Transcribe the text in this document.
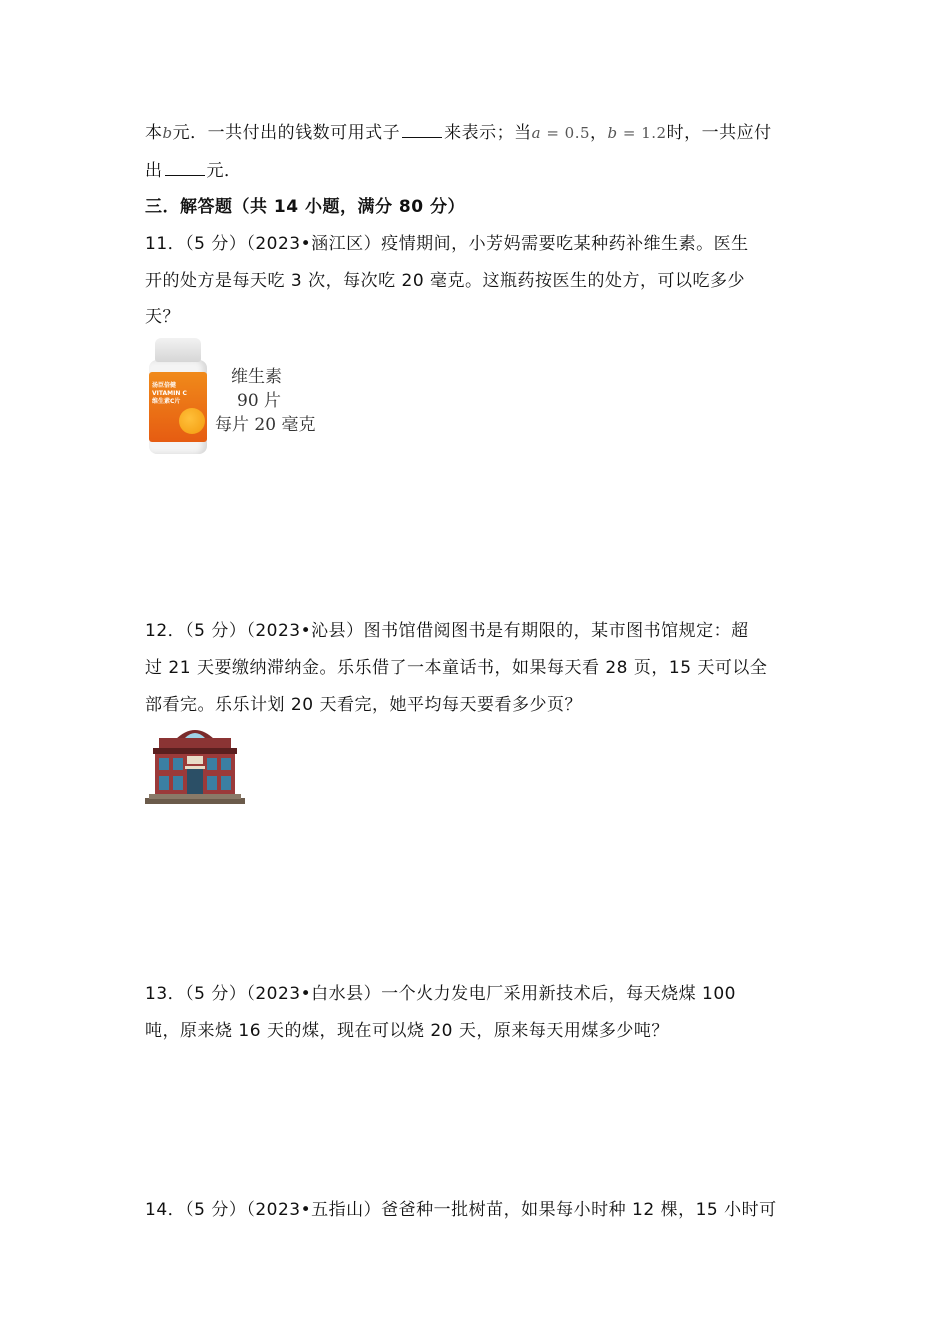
本b元．一共付出的钱数可用式子	来表示；当a = 0.5，b = 1.2时，一共应付
出	元．
三．解答题（共 14 小题，满分 80 分）
11．（5 分）（2023•涵江区）疫情期间，小芳妈需要吃某种药补维生素。医生
开的处方是每天吃 3 次，每次吃 20 毫克。这瓶药按医生的处方，可以吃多少
天？
汤臣倍健
VITAMIN C
维生素C片
维生素
90 片
每片 20 毫克
12．（5 分）（2023•沁县）图书馆借阅图书是有期限的，某市图书馆规定：超
过 21 天要缴纳滞纳金。乐乐借了一本童话书，如果每天看 28 页，15 天可以全
部看完。乐乐计划 20 天看完，她平均每天要看多少页？
13．（5 分）（2023•白水县）一个火力发电厂采用新技术后，每天烧煤 100
吨，原来烧 16 天的煤，现在可以烧 20 天，原来每天用煤多少吨？
14．（5 分）（2023•五指山）爸爸种一批树苗，如果每小时种 12 棵，15 小时可
